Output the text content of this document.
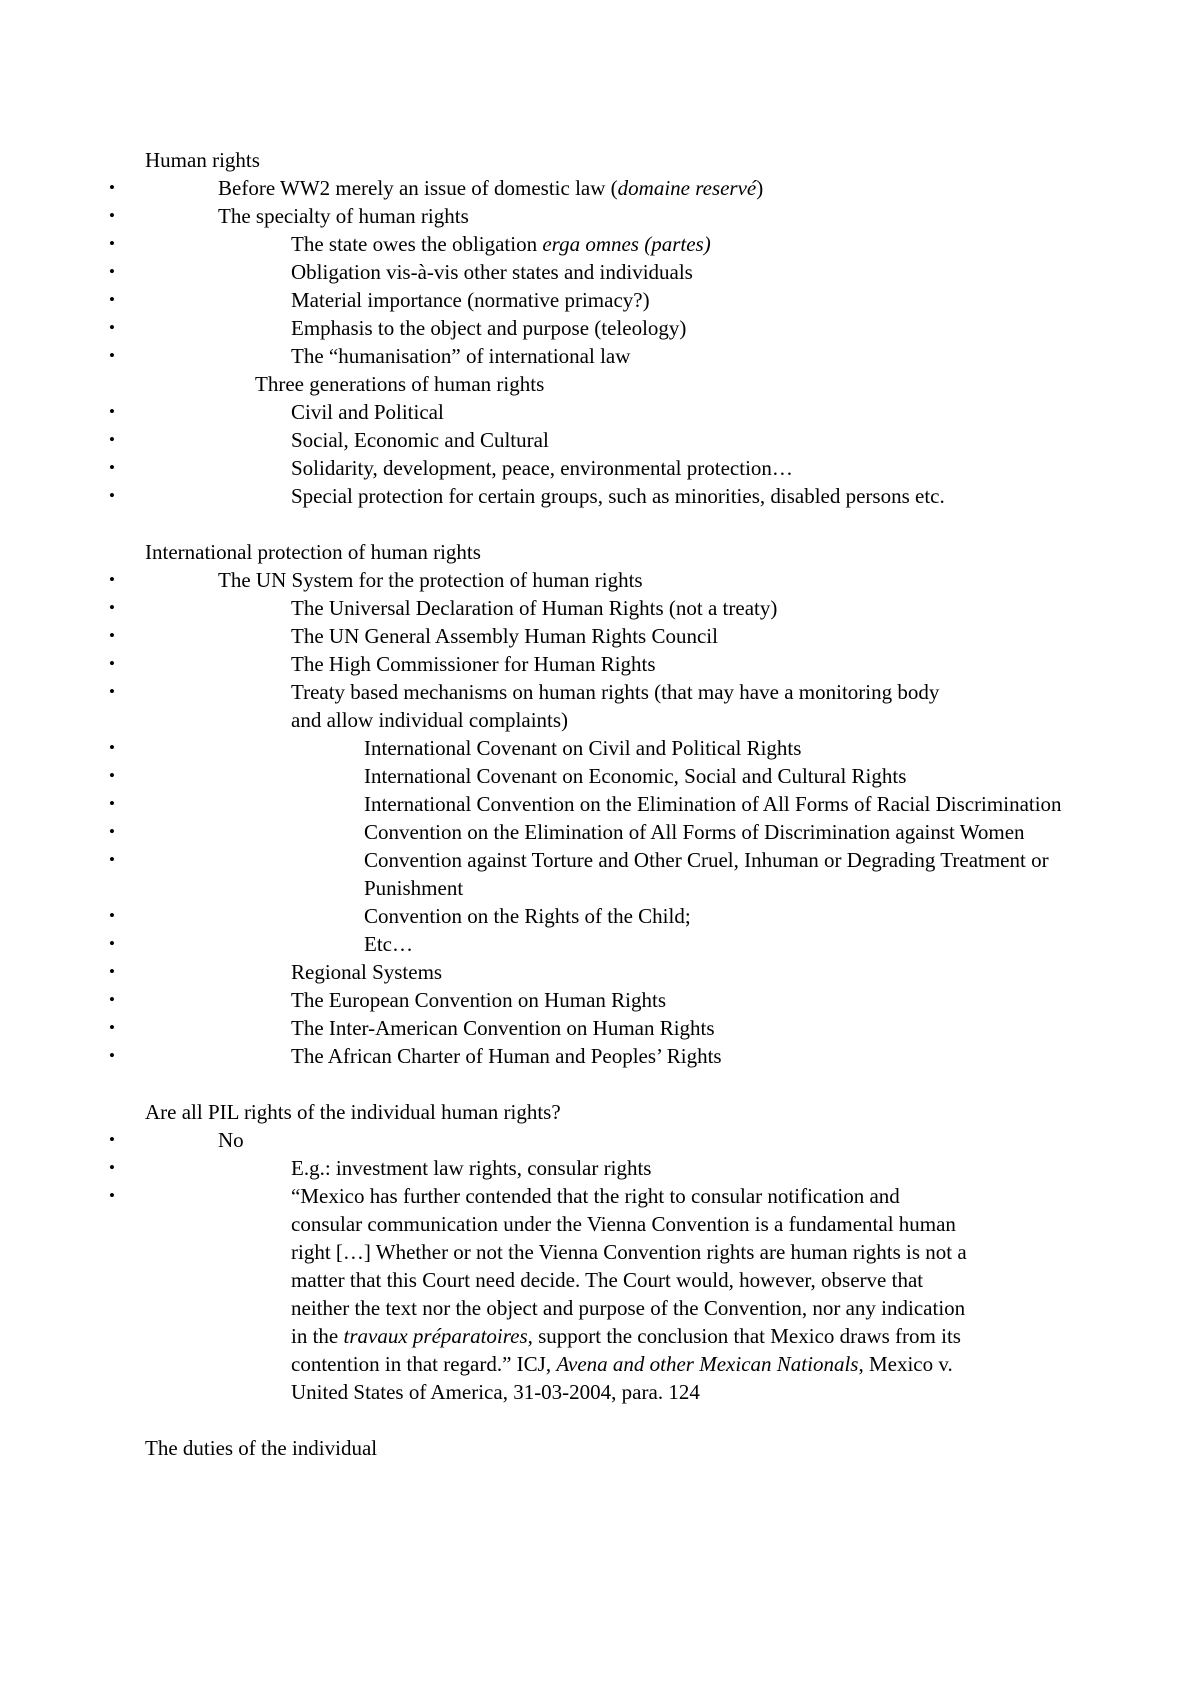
Human rights

• Before WW2 merely an issue of domestic law (domaine reservé)
• The specialty of human rights
• The state owes the obligation erga omnes (partes)
• Obligation vis-à-vis other states and individuals
• Material importance (normative primacy?)
• Emphasis to the object and purpose (teleology)
• The “humanisation” of international law
Three generations of human rights
• Civil and Political
• Social, Economic and Cultural
• Solidarity, development, peace, environmental protection…
• Special protection for certain groups, such as minorities, disabled persons etc.

International protection of human rights

• The UN System for the protection of human rights
• The Universal Declaration of Human Rights (not a treaty)
• The UN General Assembly Human Rights Council
• The High Commissioner for Human Rights
• Treaty based mechanisms on human rights (that may have a monitoring body and allow individual complaints)
• International Covenant on Civil and Political Rights
• International Covenant on Economic, Social and Cultural Rights
• International Convention on the Elimination of All Forms of Racial Discrimination
• Convention on the Elimination of All Forms of Discrimination against Women
• Convention against Torture and Other Cruel, Inhuman or Degrading Treatment or Punishment
• Convention on the Rights of the Child;
• Etc…
• Regional Systems
• The European Convention on Human Rights
• The Inter-American Convention on Human Rights
• The African Charter of Human and Peoples’ Rights

Are all PIL rights of the individual human rights?

• No
• E.g.: investment law rights, consular rights
• “Mexico has further contended that the right to consular notification and consular communication under the Vienna Convention is a fundamental human right […] Whether or not the Vienna Convention rights are human rights is not a matter that this Court need decide. The Court would, however, observe that neither the text nor the object and purpose of the Convention, nor any indication in the travaux préparatoires, support the conclusion that Mexico draws from its contention in that regard.” ICJ, Avena and other Mexican Nationals, Mexico v. United States of America, 31-03-2004, para. 124

The duties of the individual
